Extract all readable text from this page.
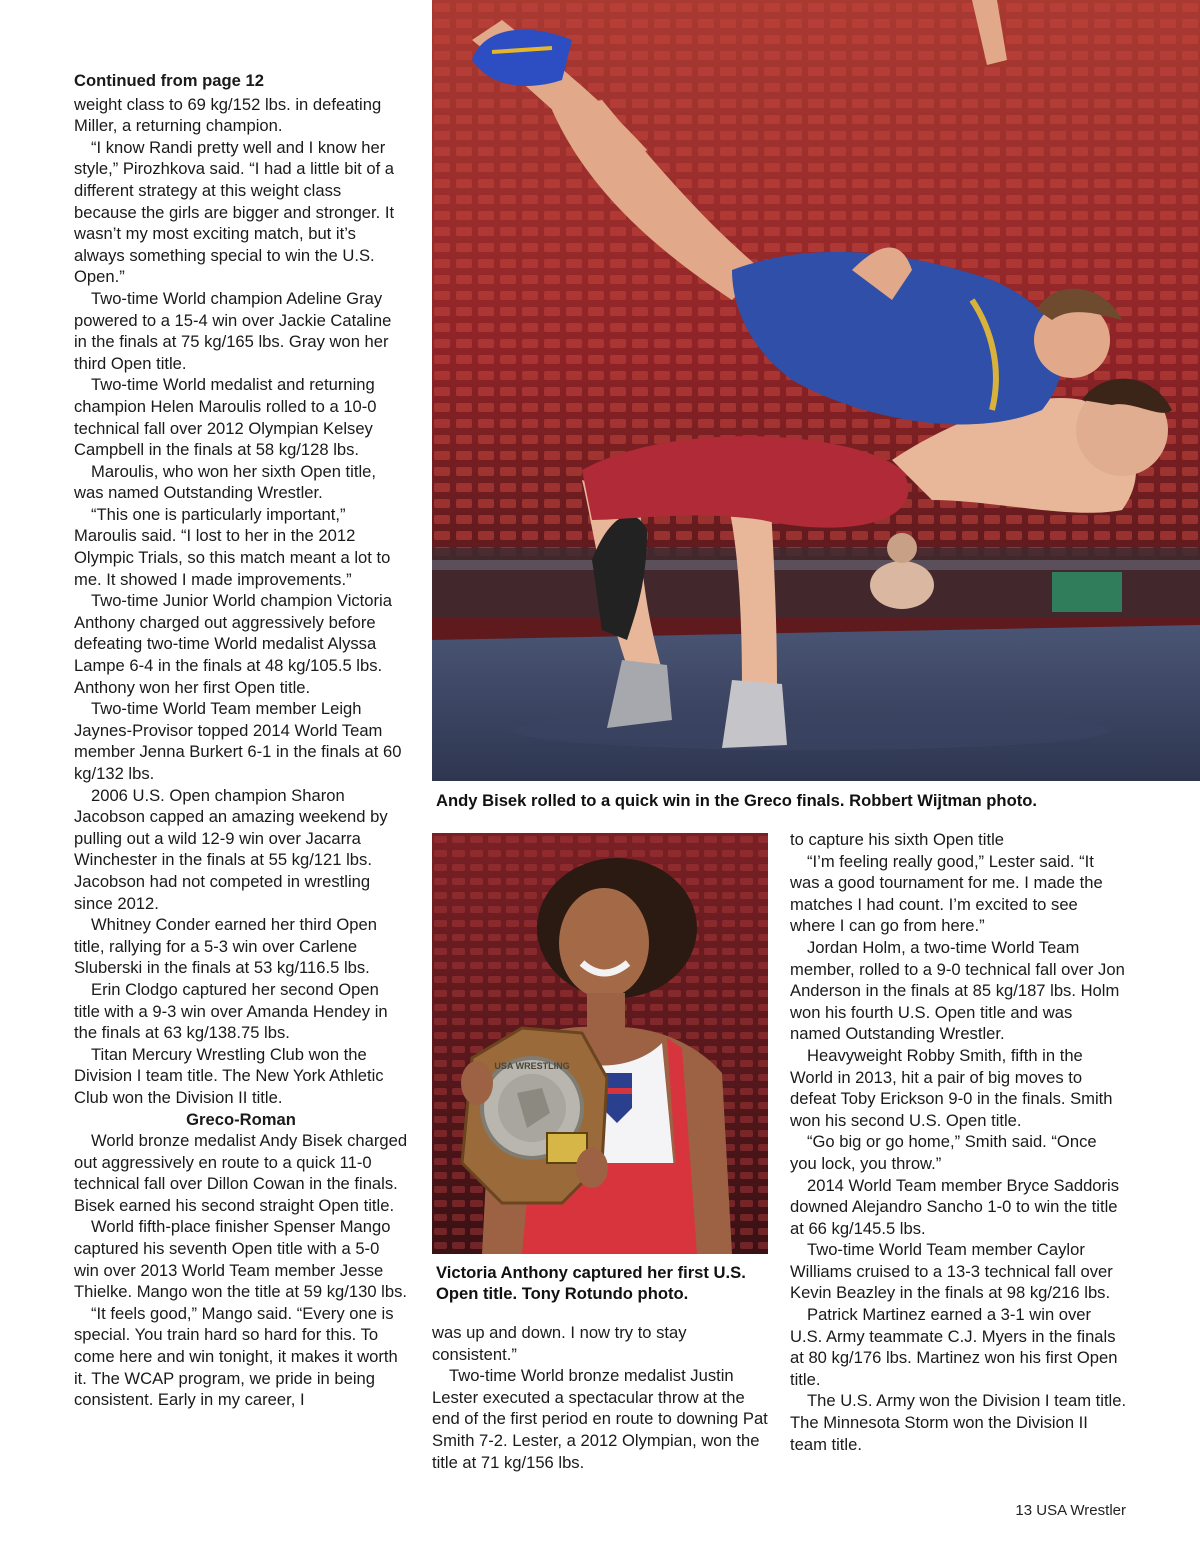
Continued from page 12

weight class to 69 kg/152 lbs. in defeating Miller, a returning champion.

“I know Randi pretty well and I know her style,” Pirozhkova said. “I had a little bit of a different strategy at this weight class because the girls are bigger and stronger. It wasn’t my most exciting match, but it’s always something special to win the U.S. Open.”

Two-time World champion Adeline Gray powered to a 15-4 win over Jackie Cataline in the finals at 75 kg/165 lbs. Gray won her third Open title.

Two-time World medalist and returning champion Helen Maroulis rolled to a 10-0 technical fall over 2012 Olympian Kelsey Campbell in the finals at 58 kg/128 lbs.

Maroulis, who won her sixth Open title, was named Outstanding Wrestler.

“This one is particularly important,” Maroulis said. “I lost to her in the 2012 Olympic Trials, so this match meant a lot to me. It showed I made improvements.”

Two-time Junior World champion Victoria Anthony charged out aggressively before defeating two-time World medalist Alyssa Lampe 6-4 in the finals at 48 kg/105.5 lbs. Anthony won her first Open title.

Two-time World Team member Leigh Jaynes-Provisor topped 2014 World Team member Jenna Burkert 6-1 in the finals at 60 kg/132 lbs.

2006 U.S. Open champion Sharon Jacobson capped an amazing weekend by pulling out a wild 12-9 win over Jacarra Winchester in the finals at 55 kg/121 lbs. Jacobson had not competed in wrestling since 2012.

Whitney Conder earned her third Open title, rallying for a 5-3 win over Carlene Sluberski in the finals at 53 kg/116.5 lbs.

Erin Clodgo captured her second Open title with a 9-3 win over Amanda Hendey in the finals at 63 kg/138.75 lbs.

Titan Mercury Wrestling Club won the Division I team title. The New York Athletic Club won the Division II title.

Greco-Roman

World bronze medalist Andy Bisek charged out aggressively en route to a quick 11-0 technical fall over Dillon Cowan in the finals. Bisek earned his second straight Open title.

World fifth-place finisher Spenser Mango captured his seventh Open title with a 5-0 win over 2013 World Team member Jesse Thielke. Mango won the title at 59 kg/130 lbs.

“It feels good,” Mango said. “Every one is special. You train hard so hard for this. To come here and win tonight, it makes it worth it. The WCAP program, we pride in being consistent. Early in my career, I

Andy Bisek rolled to a quick win in the Greco finals. Robbert Wijtman photo.
USA WRESTLING
Victoria Anthony captured her first U.S. Open title. Tony Rotundo photo.

was up and down. I now try to stay consistent.”

Two-time World bronze medalist Justin Lester executed a spectacular throw at the end of the first period en route to downing Pat Smith 7-2. Lester, a 2012 Olympian, won the title at 71 kg/156 lbs.

to capture his sixth Open title

“I’m feeling really good,” Lester said. “It was a good tournament for me. I made the matches I had count. I’m excited to see where I can go from here.”

Jordan Holm, a two-time World Team member, rolled to a 9-0 technical fall over Jon Anderson in the finals at 85 kg/187 lbs. Holm won his fourth U.S. Open title and was named Outstanding Wrestler.

Heavyweight Robby Smith, fifth in the World in 2013, hit a pair of big moves to defeat Toby Erickson 9-0 in the finals. Smith won his second U.S. Open title.

“Go big or go home,” Smith said. “Once you lock, you throw.”

2014 World Team member Bryce Saddoris downed Alejandro Sancho 1-0 to win the title at 66 kg/145.5 lbs.

Two-time World Team member Caylor Williams cruised to a 13-3 technical fall over Kevin Beazley in the finals at 98 kg/216 lbs.

Patrick Martinez earned a 3-1 win over U.S. Army teammate C.J. Myers in the finals at 80 kg/176 lbs. Martinez won his first Open title.

The U.S. Army won the Division I team title. The Minnesota Storm won the Division II team title.

13 USA Wrestler
